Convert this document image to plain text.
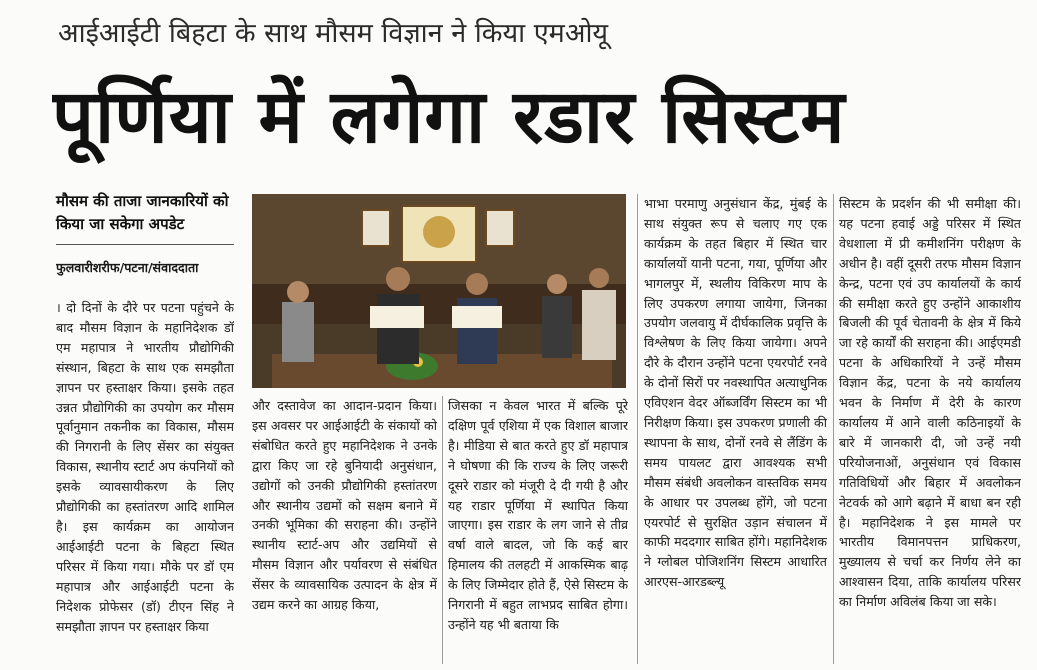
आईआईटी बिहटा के साथ मौसम विज्ञान ने किया एमओयू
पूर्णिया में लगेगा रडार सिस्टम
मौसम की ताजा जानकारियों को किया जा सकेगा अपडेट
फुलवारीशरीफ/पटना/संवाददाता
। दो दिनों के दौरे पर पटना पहुंचने के बाद मौसम विज्ञान के महानिदेशक डॉ एम महापात्र ने भारतीय प्रौद्योगिकी संस्थान, बिहटा के साथ एक समझौता ज्ञापन पर हस्ताक्षर किया। इसके तहत उन्नत प्रौद्योगिकी का उपयोग कर मौसम पूर्वानुमान तकनीक का विकास, मौसम की निगरानी के लिए सेंसर का संयुक्त विकास, स्थानीय स्टार्ट अप कंपनियों को इसके व्यावसायीकरण के लिए प्रौद्योगिकी का हस्तांतरण आदि शामिल है। इस कार्यक्रम का आयोजन आईआईटी पटना के बिहटा स्थित परिसर में किया गया। मौके पर डॉ एम महापात्र और आईआईटी पटना के निदेशक प्रोफेसर (डॉ) टीएन सिंह ने समझौता ज्ञापन पर हस्ताक्षर किया
और दस्तावेज का आदान-प्रदान किया। इस अवसर पर आईआईटी के संकायों को संबोधित करते हुए महानिदेशक ने उनके द्वारा किए जा रहे बुनियादी अनुसंधान, उद्योगों को उनकी प्रौद्योगिकी हस्तांतरण और स्थानीय उद्यमों को सक्षम बनाने में उनकी भूमिका की सराहना की। उन्होंने स्थानीय स्टार्ट-अप और उद्यमियों से मौसम विज्ञान और पर्यावरण से संबंधित सेंसर के व्यावसायिक उत्पादन के क्षेत्र में उद्यम करने का आग्रह किया,
जिसका न केवल भारत में बल्कि पूरे दक्षिण पूर्व एशिया में एक विशाल बाजार है। मीडिया से बात करते हुए डॉ महापात्र ने घोषणा की कि राज्य के लिए जरूरी दूसरे राडार को मंजूरी दे दी गयी है और यह राडार पूर्णिया में स्थापित किया जाएगा। इस राडार के लग जाने से तीव्र वर्षा वाले बादल, जो कि कई बार हिमालय की तलहटी में आकस्मिक बाढ़ के लिए जिम्मेदार होते हैं, ऐसे सिस्टम के निगरानी में बहुत लाभप्रद साबित होगा। उन्होंने यह भी बताया कि
भाभा परमाणु अनुसंधान केंद्र, मुंबई के साथ संयुक्त रूप से चलाए गए एक कार्यक्रम के तहत बिहार में स्थित चार कार्यालयों यानी पटना, गया, पूर्णिया और भागलपुर में, स्थलीय विकिरण माप के लिए उपकरण लगाया जायेगा, जिनका उपयोग जलवायु में दीर्घकालिक प्रवृत्ति के विश्लेषण के लिए किया जायेगा। अपने दौरे के दौरान उन्होंने पटना एयरपोर्ट रनवे के दोनों सिरों पर नवस्थापित अत्याधुनिक एविएशन वेदर ऑब्जर्विंग सिस्टम का भी निरीक्षण किया। इस उपकरण प्रणाली की स्थापना के साथ, दोनों रनवे से लैंडिंग के समय पायलट द्वारा आवश्यक सभी मौसम संबंधी अवलोकन वास्तविक समय के आधार पर उपलब्ध होंगे, जो पटना एयरपोर्ट से सुरक्षित उड़ान संचालन में काफी मददगार साबित होंगे। महानिदेशक ने ग्लोबल पोजिशनिंग सिस्टम आधारित आरएस-आरडब्ल्यू
सिस्टम के प्रदर्शन की भी समीक्षा की। यह पटना हवाई अड्डे परिसर में स्थित वेधशाला में प्री कमीशनिंग परीक्षण के अधीन है। वहीं दूसरी तरफ मौसम विज्ञान केन्द्र, पटना एवं उप कार्यालयों के कार्य की समीक्षा करते हुए उन्होंने आकाशीय बिजली की पूर्व चेतावनी के क्षेत्र में किये जा रहे कार्यों की सराहना की। आईएमडी पटना के अधिकारियों ने उन्हें मौसम विज्ञान केंद्र, पटना के नये कार्यालय भवन के निर्माण में देरी के कारण कार्यालय में आने वाली कठिनाइयों के बारे में जानकारी दी, जो उन्हें नयी परियोजनाओं, अनुसंधान एवं विकास गतिविधियों और बिहार में अवलोकन नेटवर्क को आगे बढ़ाने में बाधा बन रही है। महानिदेशक ने इस मामले पर भारतीय विमानपत्तन प्राधिकरण, मुख्यालय से चर्चा कर निर्णय लेने का आश्वासन दिया, ताकि कार्यालय परिसर का निर्माण अविलंब किया जा सके।
